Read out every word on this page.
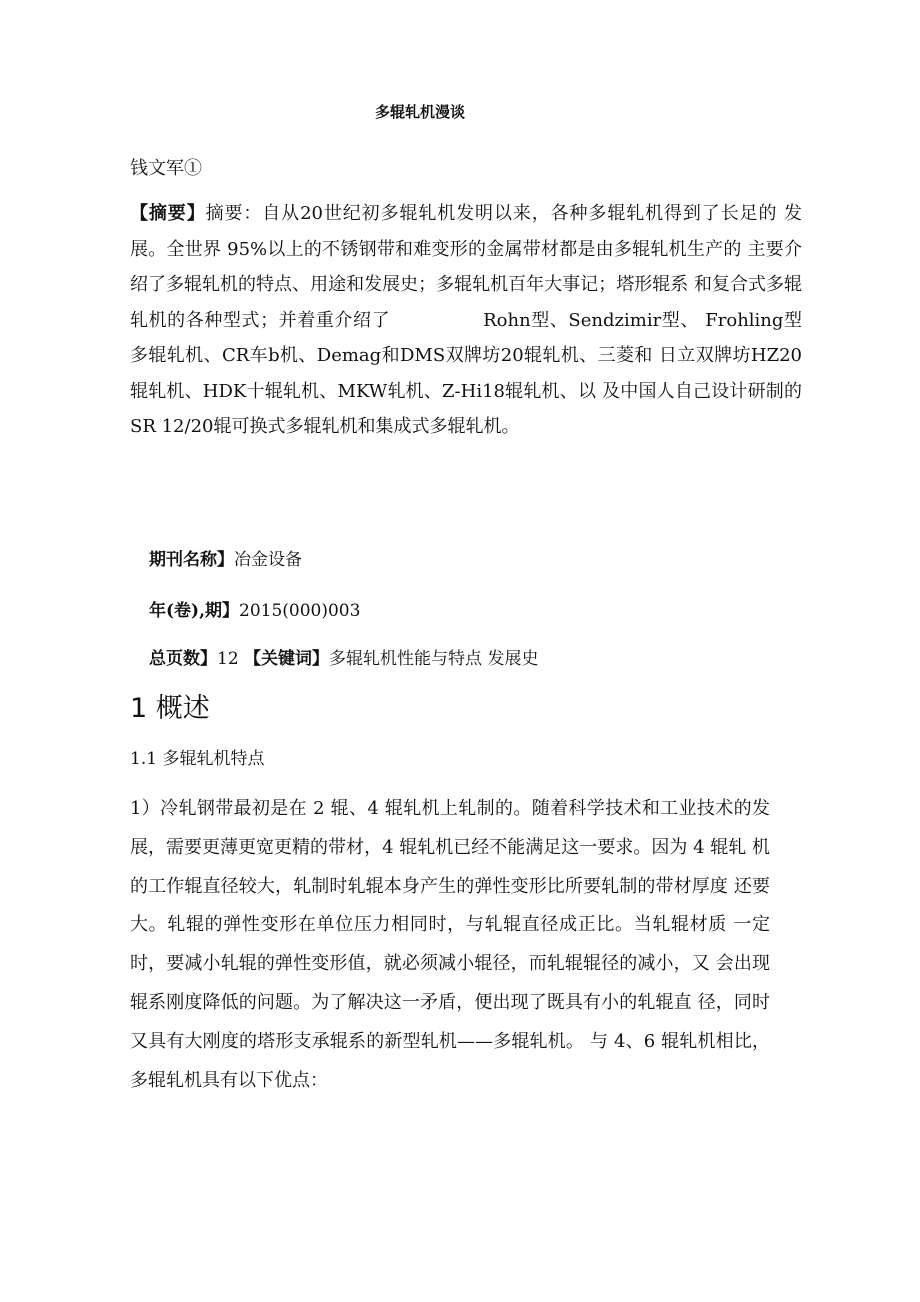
多辊轧机漫谈
钱文军①
【摘要】摘要：自从20世纪初多辊轧机发明以来，各种多辊轧机得到了长足的 发展。全世界 95%以上的不锈钢带和难变形的金属带材都是由多辊轧机生产的 主要介绍了多辊轧机的特点、用途和发展史；多辊轧机百年大事记；塔形辊系 和复合式多辊轧机的各种型式；并着重介绍了　　　　　Rohn型、Sendzimir型、 Frohling型多辊轧机、CR车b机、Demag和DMS双牌坊20辊轧机、三菱和 日立双牌坊HZ20辊轧机、HDK十辊轧机、MKW轧机、Z-Hi18辊轧机、以 及中国人自己设计研制的SR 12/20辊可换式多辊轧机和集成式多辊轧机。
期刊名称】冶金设备
年(卷),期】2015(000)003
总页数】12 【关键词】多辊轧机性能与特点 发展史
1 概述
1.1 多辊轧机特点
1）冷轧钢带最初是在 2 辊、4 辊轧机上轧制的。随着科学技术和工业技术的发展，需要更薄更宽更精的带材，4 辊轧机已经不能满足这一要求。因为 4 辊轧 机的工作辊直径较大，轧制时轧辊本身产生的弹性变形比所要轧制的带材厚度 还要大。轧辊的弹性变形在单位压力相同时，与轧辊直径成正比。当轧辊材质 一定时，要减小轧辊的弹性变形值，就必须减小辊径，而轧辊辊径的减小，又 会出现辊系刚度降低的问题。为了解决这一矛盾，便出现了既具有小的轧辊直 径，同时又具有大刚度的塔形支承辊系的新型轧机——多辊轧机。 与 4、6 辊轧机相比，多辊轧机具有以下优点：
